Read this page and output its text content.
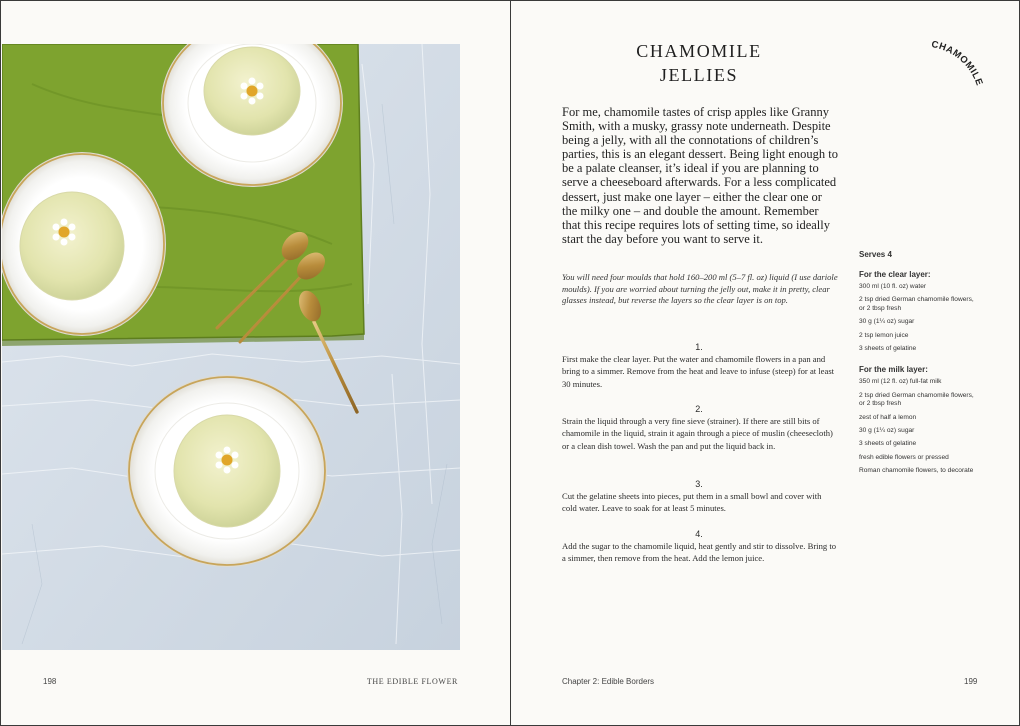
198	THE EDIBLE FLOWER
CHAMOMILE
JELLIES
CHAMOMILE

For me, chamomile tastes of crisp apples like Granny Smith, with a musky, grassy note underneath. Despite being a jelly, with all the connotations of children’s parties, this is an elegant dessert. Being light enough to be a palate cleanser, it’s ideal if you are planning to serve a cheeseboard afterwards. For a less complicated dessert, just make one layer – either the clear one or the milky one – and double the amount. Remember that this recipe requires lots of setting time, so ideally start the day before you want to serve it.

You will need four moulds that hold 160–200 ml (5–7 fl. oz) liquid (I use dariole moulds). If you are worried about turning the jelly out, make it in pretty, clear glasses instead, but reverse the layers so the clear layer is on top.

1.
First make the clear layer. Put the water and chamomile flowers in a pan and bring to a simmer. Remove from the heat and leave to infuse (steep) for at least 30 minutes.
2.
Strain the liquid through a very fine sieve (strainer). If there are still bits of chamomile in the liquid, strain it again through a piece of muslin (cheesecloth) or a clean dish towel. Wash the pan and put the liquid back in.
3.
Cut the gelatine sheets into pieces, put them in a small bowl and cover with cold water. Leave to soak for at least 5 minutes.
4.
Add the sugar to the chamomile liquid, heat gently and stir to dissolve. Bring to a simmer, then remove from the heat. Add the lemon juice.
Serves 4
For the clear layer:
300 ml (10 fl. oz) water
2 tsp dried German chamomile flowers, or 2 tbsp fresh
30 g (1¼ oz) sugar
2 tsp lemon juice
3 sheets of gelatine
For the milk layer:
350 ml (12 fl. oz) full-fat milk
2 tsp dried German chamomile flowers, or 2 tbsp fresh
zest of half a lemon
30 g (1¼ oz) sugar
3 sheets of gelatine
fresh edible flowers or pressed
Roman chamomile flowers, to decorate
Chapter 2: Edible Borders	199
